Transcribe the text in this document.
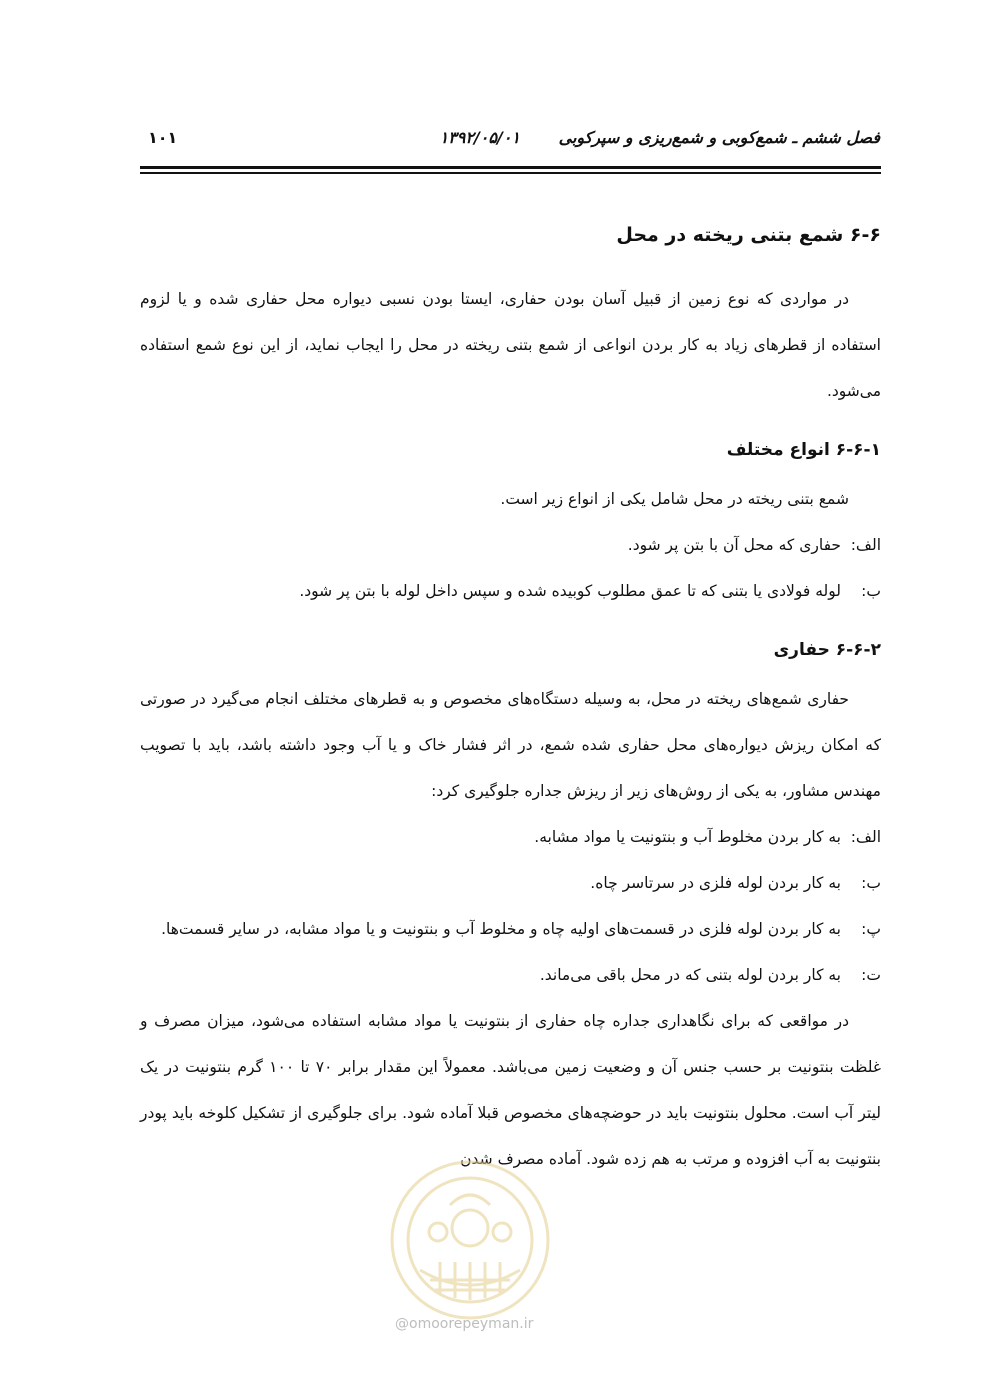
فصل ششم ـ شمع‌کوبی و شمع‌ریزی و سپرکوبی
۱۳۹۲/۰۵/۰۱
۱۰۱
۶-۶ شمع بتنی ریخته در محل

در مواردی که نوع زمین از قبیل آسان بودن حفاری، ایستا بودن نسبی دیواره محل حفاری شده و یا لزوم استفاده از قطرهای زیاد به کار بردن انواعی از شمع بتنی ریخته در محل را ایجاب نماید، از این نوع شمع استفاده می‌شود.

۶-۶-۱ انواع مختلف

شمع بتنی ریخته در محل شامل یکی از انواع زیر است.

الف:
حفاری که محل آن با بتن پر شود.
ب:
لوله فولادی یا بتنی که تا عمق مطلوب کوبیده شده و سپس داخل لوله با بتن پر شود.
۶-۶-۲ حفاری

حفاری شمع‌های ریخته در محل، به وسیله دستگاه‌های مخصوص و به قطرهای مختلف انجام می‌گیرد در صورتی که امکان ریزش دیواره‌های محل حفاری شده شمع، در اثر فشار خاک و یا آب وجود داشته باشد، باید با تصویب مهندس مشاور، به یکی از روش‌های زیر از ریزش جداره جلوگیری کرد:

الف:
به کار بردن مخلوط آب و بنتونیت یا مواد مشابه.
ب:
به کار بردن لوله فلزی در سرتاسر چاه.
پ:
به کار بردن لوله فلزی در قسمت‌های اولیه چاه و مخلوط آب و بنتونیت و یا مواد مشابه، در سایر قسمت‌ها.
ت:
به کار بردن لوله بتنی که در محل باقی می‌ماند.

در مواقعی که برای نگاهداری جداره چاه حفاری از بنتونیت یا مواد مشابه استفاده می‌شود، میزان مصرف و غلظت بنتونیت بر حسب جنس آن و وضعیت زمین می‌باشد. معمولاً این مقدار برابر ۷۰ تا ۱۰۰ گرم بنتونیت در یک لیتر آب است. محلول بنتونیت باید در حوضچه‌های مخصوص قبلا آماده شود. برای جلوگیری از تشکیل کلوخه باید پودر بنتونیت به آب افزوده و مرتب به هم زده شود. آماده مصرف شدن

@omoorepeyman.ir
